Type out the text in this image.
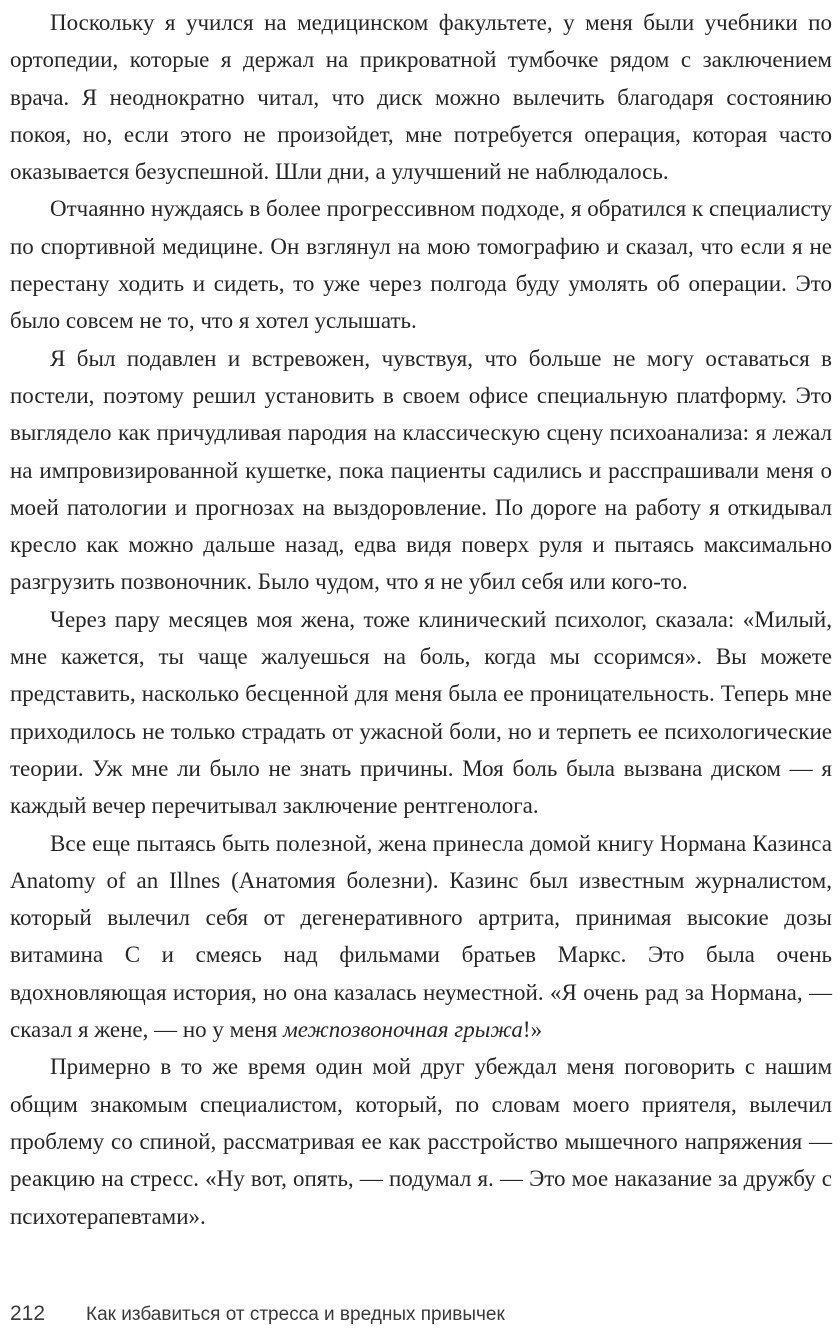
Поскольку я учился на медицинском факультете, у меня были учебники по ортопедии, которые я держал на прикроватной тумбочке рядом с заключением врача. Я неоднократно читал, что диск можно вылечить благодаря состоянию покоя, но, если этого не произойдет, мне потребуется операция, которая часто оказывается безуспешной. Шли дни, а улучшений не наблюдалось.

Отчаянно нуждаясь в более прогрессивном подходе, я обратился к специалисту по спортивной медицине. Он взглянул на мою томографию и сказал, что если я не перестану ходить и сидеть, то уже через полгода буду умолять об операции. Это было совсем не то, что я хотел услышать.

Я был подавлен и встревожен, чувствуя, что больше не могу оставаться в постели, поэтому решил установить в своем офисе специальную платформу. Это выглядело как причудливая пародия на классическую сцену психоанализа: я лежал на импровизированной кушетке, пока пациенты садились и расспрашивали меня о моей патологии и прогнозах на выздоровление. По дороге на работу я откидывал кресло как можно дальше назад, едва видя поверх руля и пытаясь максимально разгрузить позвоночник. Было чудом, что я не убил себя или кого-то.

Через пару месяцев моя жена, тоже клинический психолог, сказала: «Милый, мне кажется, ты чаще жалуешься на боль, когда мы ссоримся». Вы можете представить, насколько бесценной для меня была ее проницательность. Теперь мне приходилось не только страдать от ужасной боли, но и терпеть ее психологические теории. Уж мне ли было не знать причины. Моя боль была вызвана диском — я каждый вечер перечитывал заключение рентгенолога.

Все еще пытаясь быть полезной, жена принесла домой книгу Нормана Казинса Anatomy of an Illnes (Анатомия болезни). Казинс был известным журналистом, который вылечил себя от дегенеративного артрита, принимая высокие дозы витамина С и смеясь над фильмами братьев Маркс. Это была очень вдохновляющая история, но она казалась неуместной. «Я очень рад за Нормана, — сказал я жене, — но у меня межпозвоночная грыжа!»

Примерно в то же время один мой друг убеждал меня поговорить с нашим общим знакомым специалистом, который, по словам моего приятеля, вылечил проблему со спиной, рассматривая ее как расстройство мышечного напряжения — реакцию на стресс. «Ну вот, опять, — подумал я. — Это мое наказание за дружбу с психотерапевтами».

212 Как избавиться от стресса и вредных привычек
